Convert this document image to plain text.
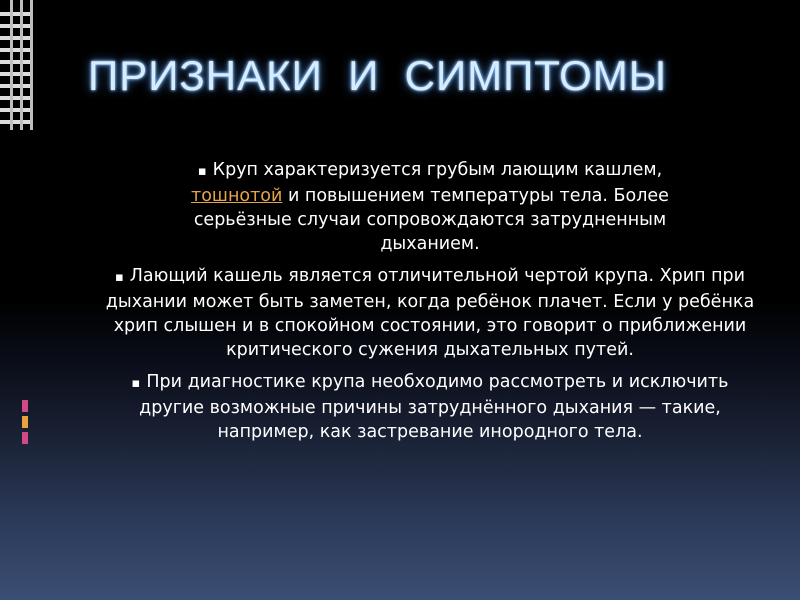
ПРИЗНАКИ  И  СИМПТОМЫ
▪ Круп характеризуется грубым лающим кашлем, тошнотой и повышением температуры тела. Более серьёзные случаи сопровождаются затрудненным дыханием.
▪ Лающий кашель является отличительной чертой крупа. Хрип при дыхании может быть заметен, когда ребёнок плачет. Если у ребёнка хрип слышен и в спокойном состоянии, это говорит о приближении критического сужения дыхательных путей.
▪ При диагностике крупа необходимо рассмотреть и исключить другие возможные причины затруднённого дыхания — такие, например, как застревание инородного тела.
